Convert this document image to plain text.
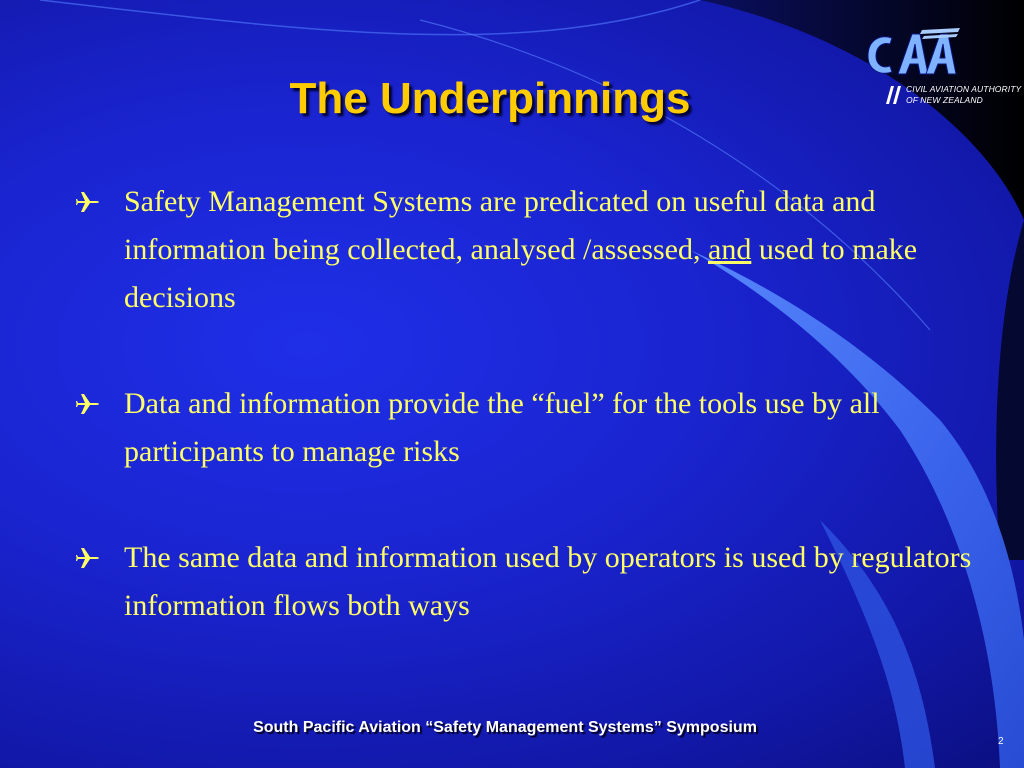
CIVIL AVIATION AUTHORITY
OF NEW ZEALAND
The Underpinnings
Safety Management Systems are predicated on useful data and information being collected, analysed /assessed, and used to make decisions
Data and information provide the “fuel” for the tools use by all participants to manage risks
The same data and information used by operators is used by regulators information flows both ways
South Pacific Aviation “Safety Management Systems” Symposium
2
